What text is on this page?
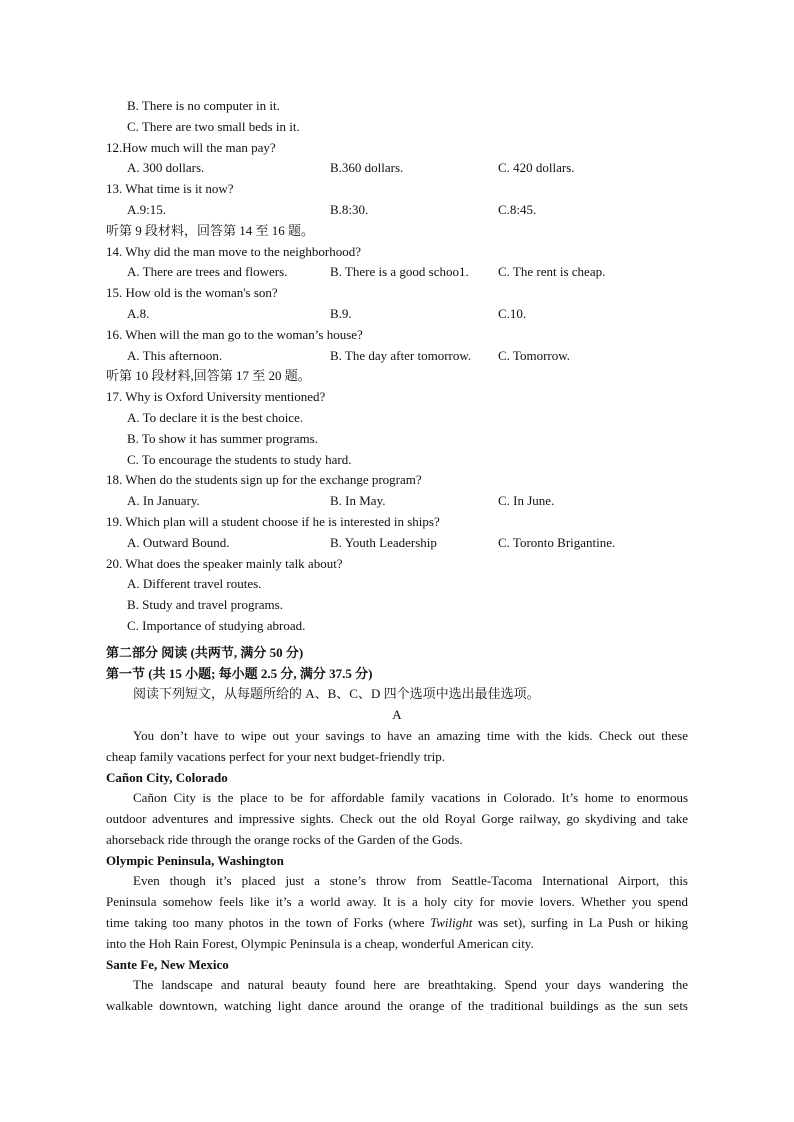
B. There is no computer in it.
C. There are two small beds in it.
12.How much will the man pay?
A. 300 dollars.	B.360 dollars.	C. 420 dollars.
13. What time is it now?
A.9:15.	B.8:30.	C.8:45.
听第 9 段材料，回答第 14 至 16 题。
14. Why did the man move to the neighborhood?
A. There are trees and flowers.	B. There is a good schoo1.	C. The rent is cheap.
15. How old is the woman's son?
A.8.	B.9.	C.10.
16. When will the man go to the woman’s house?
A. This afternoon.	B. The day after tomorrow.	C. Tomorrow.
听第 10 段材料,回答第 17 至 20 题。
17. Why is Oxford University mentioned?
A. To declare it is the best choice.
B. To show it has summer programs.
C. To encourage the students to study hard.
18. When do the students sign up for the exchange program?
A. In January.	B. In May.	C. In June.
19. Which plan will a student choose if he is interested in ships?
A. Outward Bound.	B. Youth Leadership	C. Toronto Brigantine.
20. What does the speaker mainly talk about?
A. Different travel routes.
B. Study and travel programs.
C. Importance of studying abroad.
第二部分 阅读 (共两节, 满分 50 分)
第一节 (共 15 小题; 每小题 2.5 分, 满分 37.5 分)
阅读下列短文，从每题所给的 A、B、C、D 四个选项中选出最佳选项。
A

You don’t have to wipe out your savings to have an amazing time with the kids. Check out these

cheap family vacations perfect for your next budget-friendly trip.

Cañon City, Colorado

Cañon City is the place to be for affordable family vacations in Colorado. It’s home to enormous

outdoor adventures and impressive sights. Check out the old Royal Gorge railway, go skydiving and take

ahorseback ride through the orange rocks of the Garden of the Gods.

Olympic Peninsula, Washington

Even though it’s placed just a stone’s throw from Seattle-Tacoma International Airport, this

Peninsula somehow feels like it’s a world away. It is a holy city for movie lovers. Whether you spend

time taking too many photos in the town of Forks (where Twilight was set), surfing in La Push or hiking

into the Hoh Rain Forest, Olympic Peninsula is a cheap, wonderful American city.

Sante Fe, New Mexico

The landscape and natural beauty found here are breathtaking. Spend your days wandering the

walkable downtown, watching light dance around the orange of the traditional buildings as the sun sets
